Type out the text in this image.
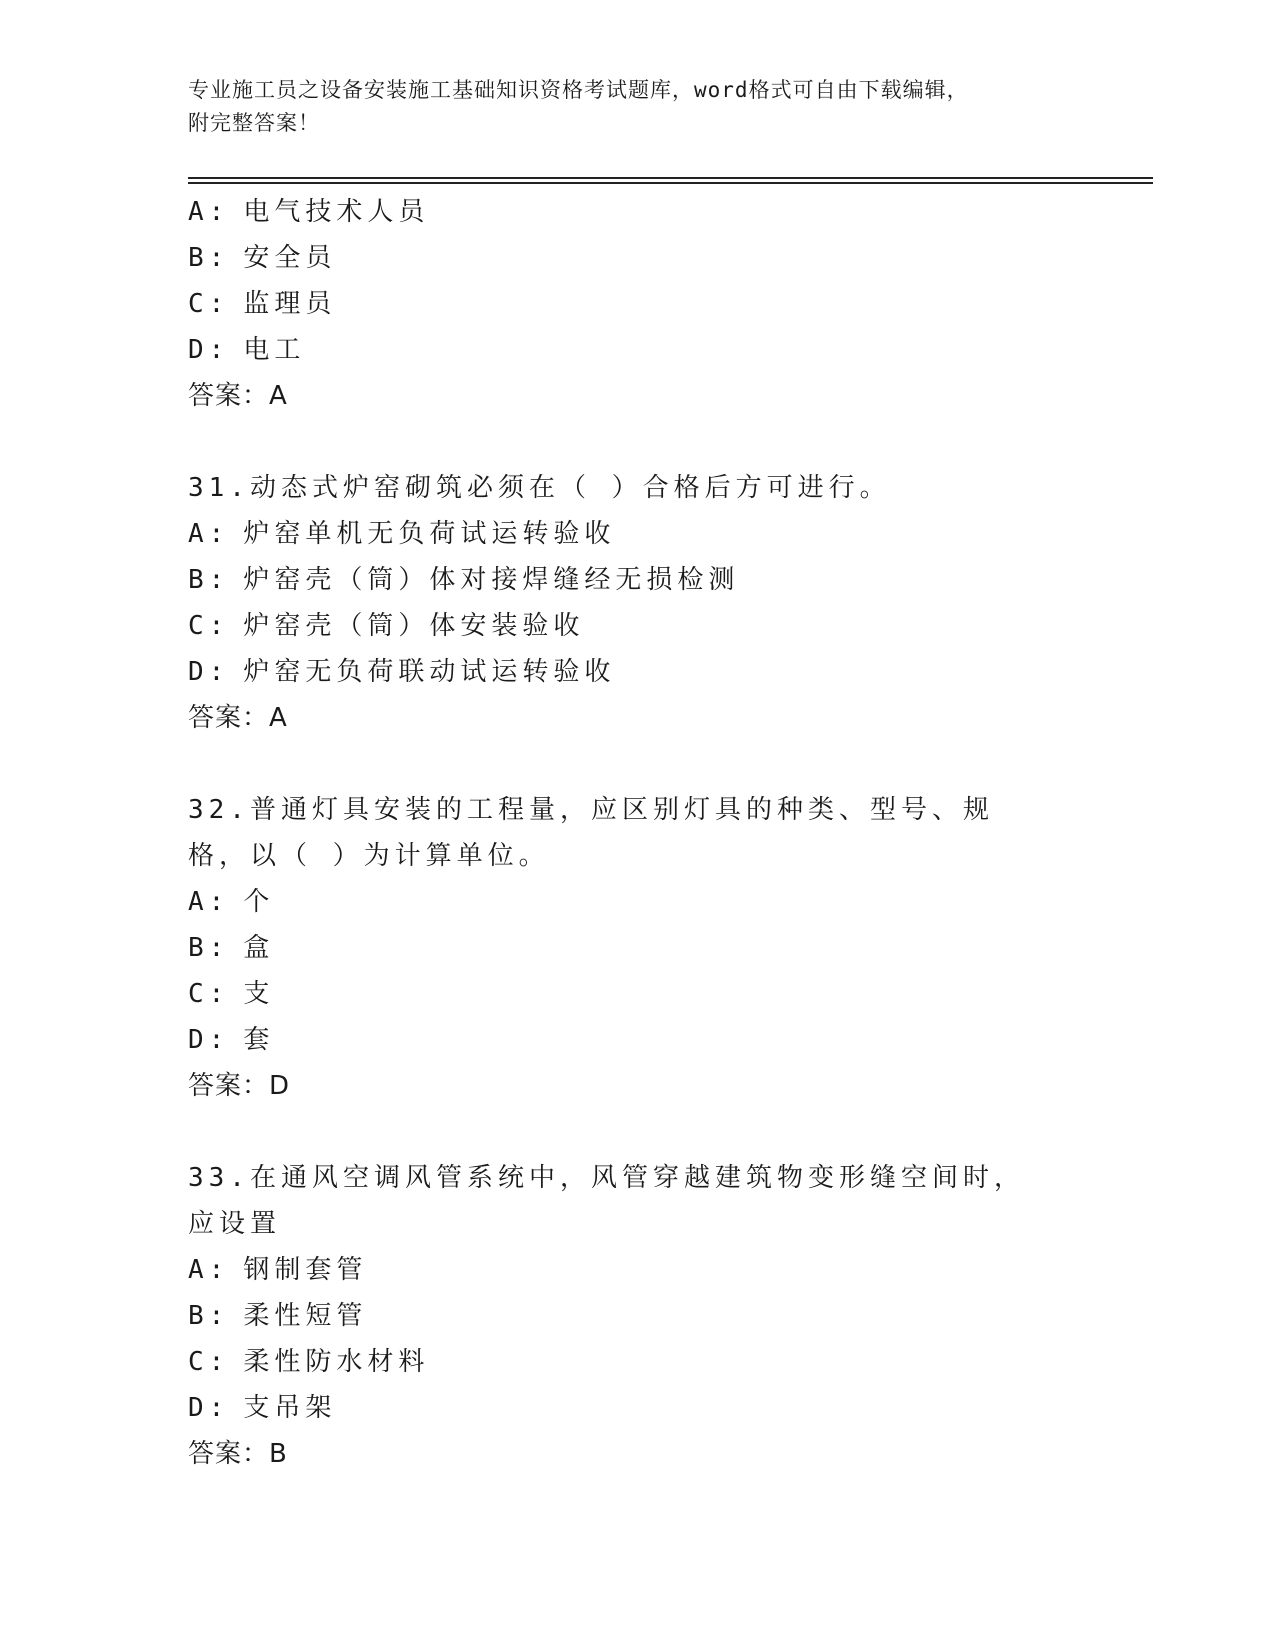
专业施工员之设备安装施工基础知识资格考试题库，word格式可自由下载编辑，
附完整答案！
A: 电气技术人员
B: 安全员
C: 监理员
D: 电工
答案：A
31.动态式炉窑砌筑必须在（ ）合格后方可进行。
A: 炉窑单机无负荷试运转验收
B: 炉窑壳（筒）体对接焊缝经无损检测
C: 炉窑壳（筒）体安装验收
D: 炉窑无负荷联动试运转验收
答案：A
32.普通灯具安装的工程量，应区别灯具的种类、型号、规格，以（ ）为计算单位。
A: 个
B: 盒
C: 支
D: 套
答案：D
33.在通风空调风管系统中，风管穿越建筑物变形缝空间时，应设置
A: 钢制套管
B: 柔性短管
C: 柔性防水材料
D: 支吊架
答案：B
